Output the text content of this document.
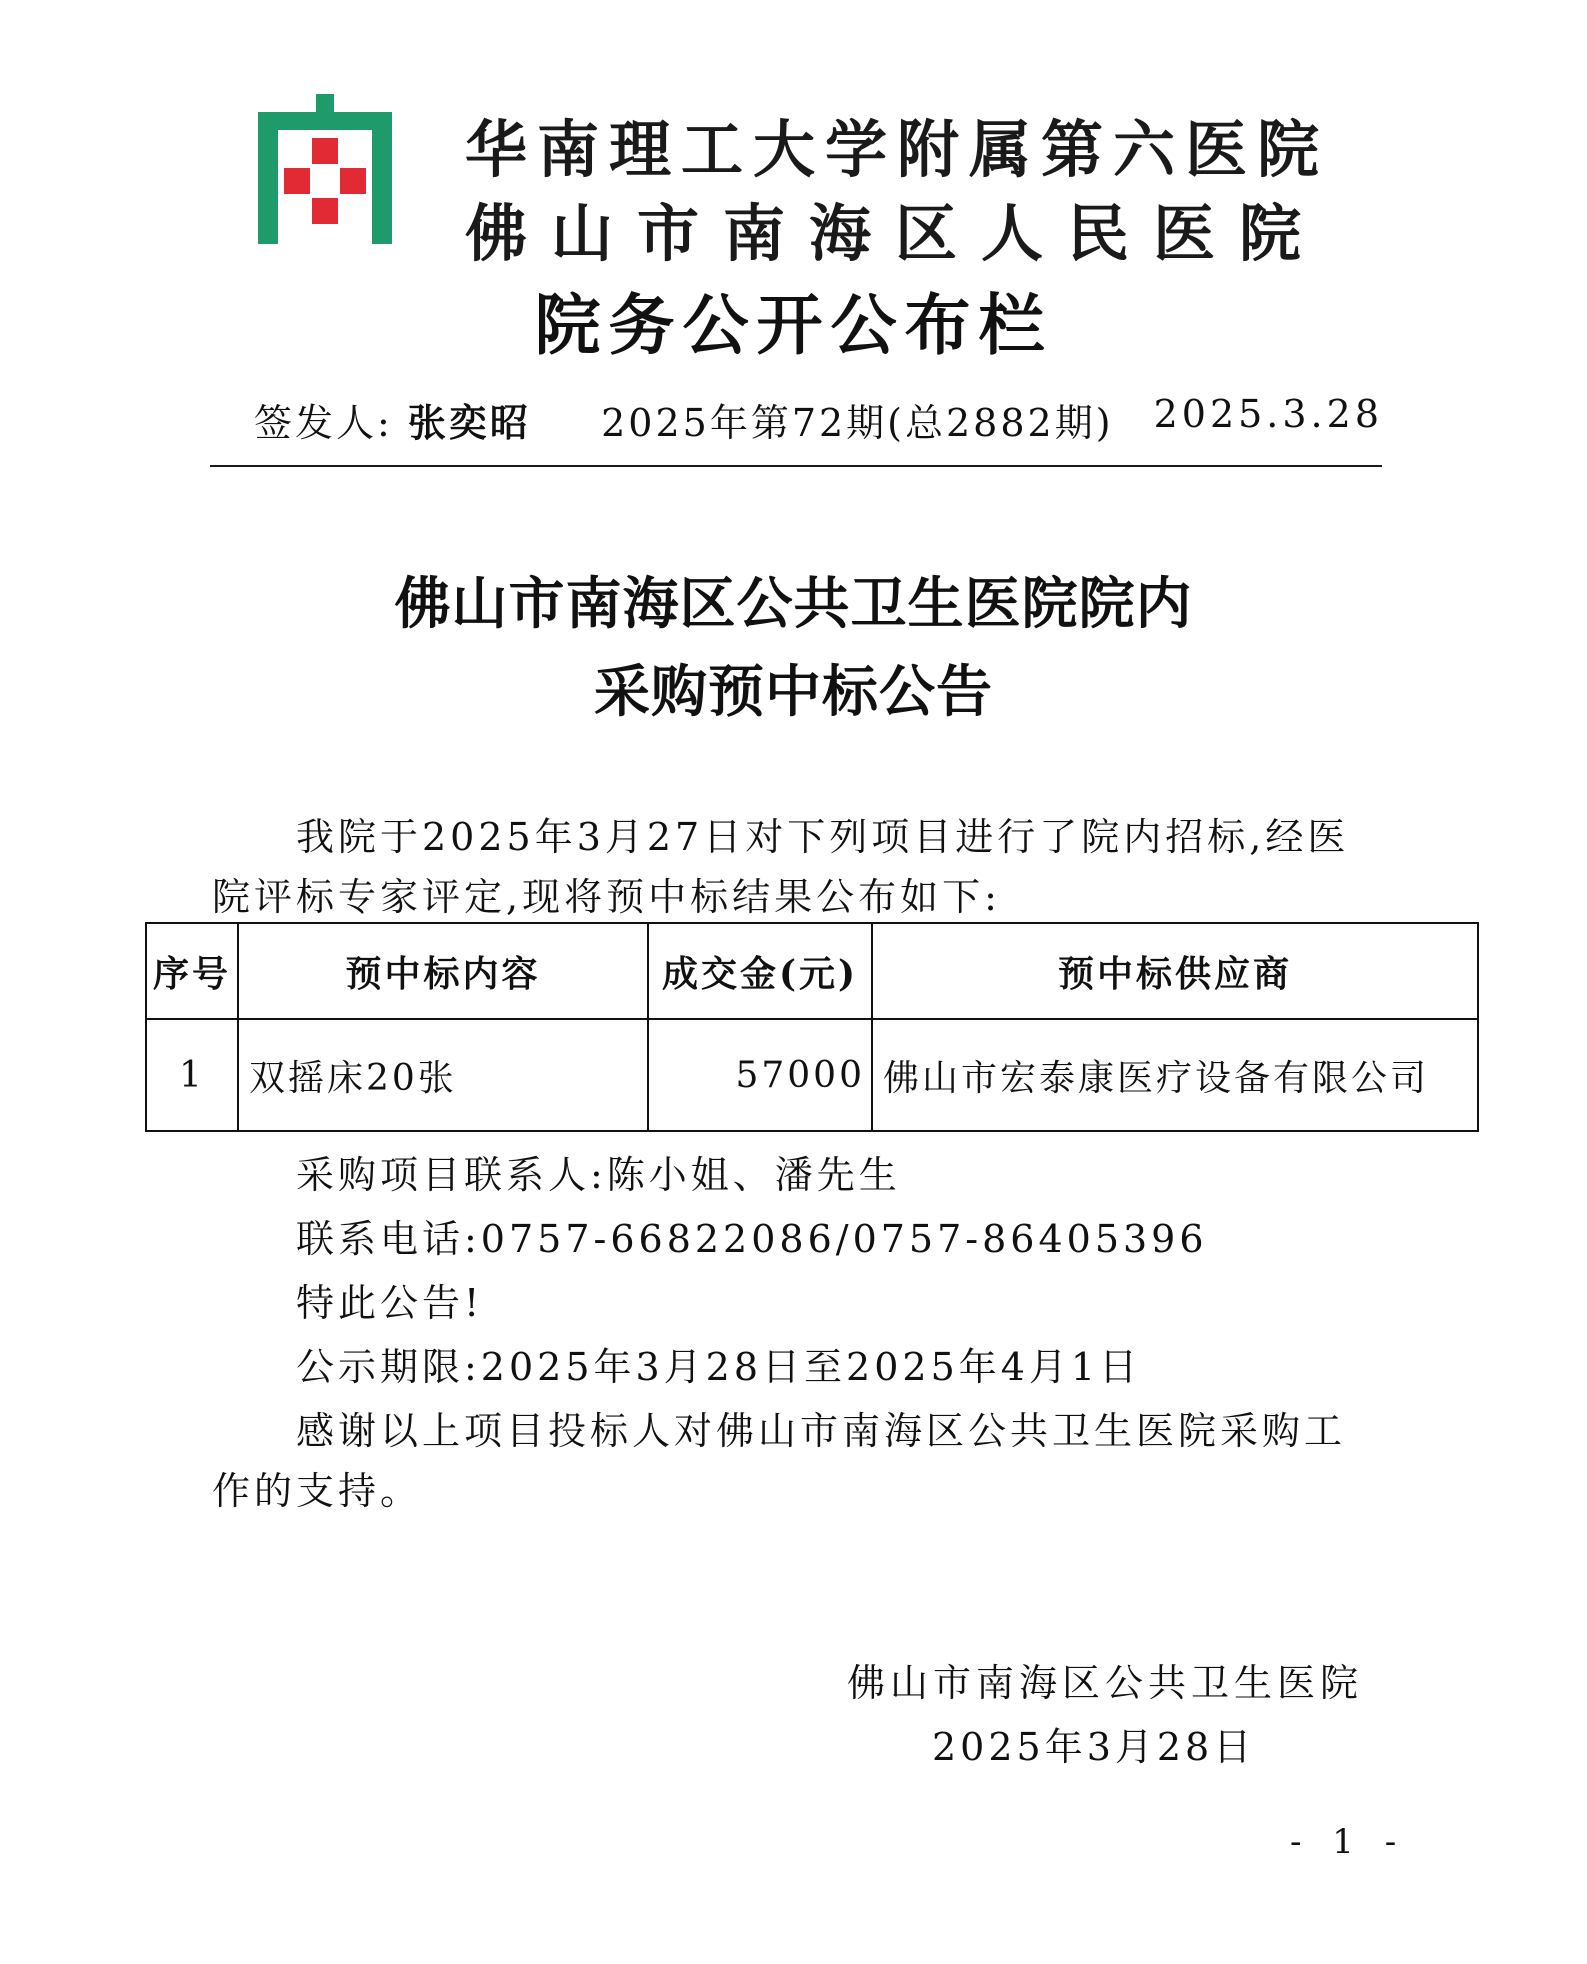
华南理工大学附属第六医院
佛山市南海区人民医院
院务公开公布栏
签发人: 张奕昭 2025年第72期(总2882期) 2025.3.28
佛山市南海区公共卫生医院院内
采购预中标公告
我院于2025年3月27日对下列项目进行了院内招标,经医
院评标专家评定,现将预中标结果公布如下:
序号	预中标内容	成交金(元)	预中标供应商
1	双摇床20张	57000	佛山市宏泰康医疗设备有限公司
采购项目联系人:陈小姐、潘先生
联系电话:0757-66822086/0757-86405396
特此公告!
公示期限:2025年3月28日至2025年4月1日
感谢以上项目投标人对佛山市南海区公共卫生医院采购工
作的支持。
佛山市南海区公共卫生医院
2025年3月28日
- 1 -
